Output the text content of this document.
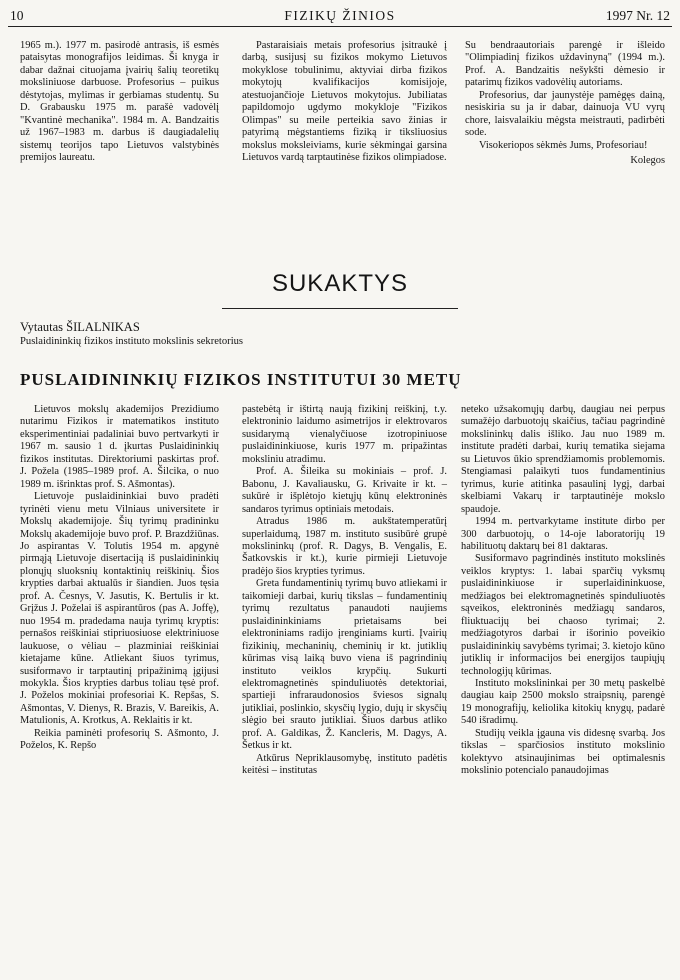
10	FIZIKŲ ŽINIOS	1997 Nr. 12

1965 m.). 1977 m. pasirodė antrasis, iš esmės pataisytas monografijos leidimas. Ši knyga ir dabar dažnai cituojama įvairių šalių teoretikų moksliniuose darbuose. Profesorius – puikus dėstytojas, mylimas ir gerbiamas studentų. Su D. Grabausku 1975 m. parašė vadovėlį "Kvantinė mechanika". 1984 m. A. Bandzaitis už 1967–1983 m. darbus iš daugiadalelių sistemų teorijos tapo Lietuvos valstybinės premijos laureatu.

Pastaraisiais metais profesorius įsitraukė į darbą, susijusį su fizikos mokymo Lietuvos mokyklose tobulinimu, aktyviai dirba fizikos mokytojų kvalifikacijos komisijoje, atestuojančioje Lietuvos mokytojus. Jubiliatas papildomojo ugdymo mokykloje "Fizikos Olimpas" su meile perteikia savo žinias ir patyrimą mėgstantiems fiziką ir tiksliuosius mokslus moksleiviams, kurie sėkmingai garsina Lietuvos vardą tarptautinėse fizikos olimpiadose.

Su bendraautoriais parengė ir išleido "Olimpiadinį fizikos uždavinyną" (1994 m.). Prof. A. Bandzaitis nešykšti dėmesio ir patarimų fizikos vadovėlių autoriams.

Profesorius, dar jaunystėje pamėgęs dainą, nesiskiria su ja ir dabar, dainuoja VU vyrų chore, laisvalaikiu mėgsta meistrauti, padirbėti sode.

Visokeriopos sėkmės Jums, Profesoriau!

Kolegos

SUKAKTYS
Vytautas ŠILALNIKAS
Puslaidininkių fizikos instituto mokslinis sekretorius
PUSLAIDININKIŲ FIZIKOS INSTITUTUI 30 METŲ

Lietuvos mokslų akademijos Prezidiumo nutarimu Fizikos ir matematikos instituto eksperimentiniai padaliniai buvo pertvarkyti ir 1967 m. sausio 1 d. įkurtas Puslaidininkių fizikos institutas. Direktoriumi paskirtas prof. J. Požela (1985–1989 prof. A. Šilcika, o nuo 1989 m. išrinktas prof. S. Ašmontas).

Lietuvoje puslaidininkiai buvo pradėti tyrinėti vienu metu Vilniaus universitete ir Mokslų akademijoje. Šių tyrimų pradininku Mokslų akademijoje buvo prof. P. Brazdžiūnas. Jo aspirantas V. Tolutis 1954 m. apgynė pirmąją Lietuvoje disertaciją iš puslaidininkių plonųjų sluoksnių kontaktinių reiškinių. Šios krypties darbai aktualūs ir šiandien. Juos tęsia prof. A. Česnys, V. Jasutis, K. Bertulis ir kt. Grįžus J. Poželai iš aspirantūros (pas A. Joffę), nuo 1954 m. pradedama nauja tyrimų kryptis: pernašos reiškiniai stipriuosiuose elektriniuose laukuose, o vėliau – plazminiai reiškiniai kietajame kūne. Atliekant šiuos tyrimus, susiformavo ir tarptautinį pripažinimą įgijusi mokykla. Šios krypties darbus toliau tęsė prof. J. Poželos mokiniai profesoriai K. Repšas, S. Ašmontas, V. Dienys, R. Brazis, V. Bareikis, A. Matulionis, A. Krotkus, A. Reklaitis ir kt.

Reikia paminėti profesorių S. Ašmonto, J. Poželos, K. Repšo

pastebėtą ir ištirtą naują fizikinį reiškinį, t.y. elektroninio laidumo asimetrijos ir elektrovaros susidarymą vienalyčiuose izotropiniuose puslaidininkiuose, kuris 1977 m. pripažintas moksliniu atradimu.

Prof. A. Šileika su mokiniais – prof. J. Babonu, J. Kavaliausku, G. Krivaite ir kt. – sukūrė ir išplėtojo kietųjų kūnų elektroninės sandaros tyrimus optiniais metodais.

Atradus 1986 m. aukštatemperatūrį superlaidumą, 1987 m. instituto susibūrė grupė mokslininkų (prof. R. Dagys, B. Vengalis, E. Šatkovskis ir kt.), kurie pirmieji Lietuvoje pradėjo šios krypties tyrimus.

Greta fundamentinių tyrimų buvo atliekami ir taikomieji darbai, kurių tikslas – fundamentinių tyrimų rezultatus panaudoti naujiems puslaidininkiniams prietaisams bei elektroniniams radijo įrenginiams kurti. Įvairių fizikinių, mechaninių, cheminių ir kt. jutiklių kūrimas visą laiką buvo viena iš pagrindinių instituto veiklos krypčių. Sukurti elektromagnetinės spinduliuotės detektoriai, spartieji infraraudonosios šviesos signalų jutikliai, poslinkio, skysčių lygio, dujų ir skysčių slėgio bei srauto jutikliai. Šiuos darbus atliko prof. A. Galdikas, Ž. Kancleris, M. Dagys, A. Šetkus ir kt.

Atkūrus Nepriklausomybę, instituto padėtis keitėsi – institutas

neteko užsakomųjų darbų, daugiau nei perpus sumažėjo darbuotojų skaičius, tačiau pagrindinė mokslininkų dalis išliko. Jau nuo 1989 m. institute pradėti darbai, kurių tematika siejama su Lietuvos ūkio sprendžiamomis problemomis. Stengiamasi palaikyti tuos fundamentinius tyrimus, kurie atitinka pasaulinį lygį, darbai skelbiami Vakarų ir tarptautinėje mokslo spaudoje.

1994 m. pertvarkytame institute dirbo per 300 darbuotojų, o 14-oje laboratorijų 19 habilituotų daktarų bei 81 daktaras.

Susiformavo pagrindinės instituto mokslinės veiklos kryptys: 1. labai sparčių vyksmų puslaidininkiuose ir superlaidininkuose, medžiagos bei elektromagnetinės spinduliuotės sąveikos, elektroninės medžiagų sandaros, fliuktuacijų bei chaoso tyrimai; 2. medžiagotyros darbai ir išorinio poveikio puslaidininkių savybėms tyrimai; 3. kietojo kūno jutiklių ir informacijos bei energijos taupiųjų technologijų kūrimas.

Instituto mokslininkai per 30 metų paskelbė daugiau kaip 2500 mokslo straipsnių, parengė 19 monografijų, keliolika kitokių knygų, padarė 540 išradimų.

Studijų veikla įgauna vis didesnę svarbą. Jos tikslas – sparčiosios instituto mokslinio kolektyvo atsinaujinimas bei optimalesnis mokslinio potencialo panaudojimas
